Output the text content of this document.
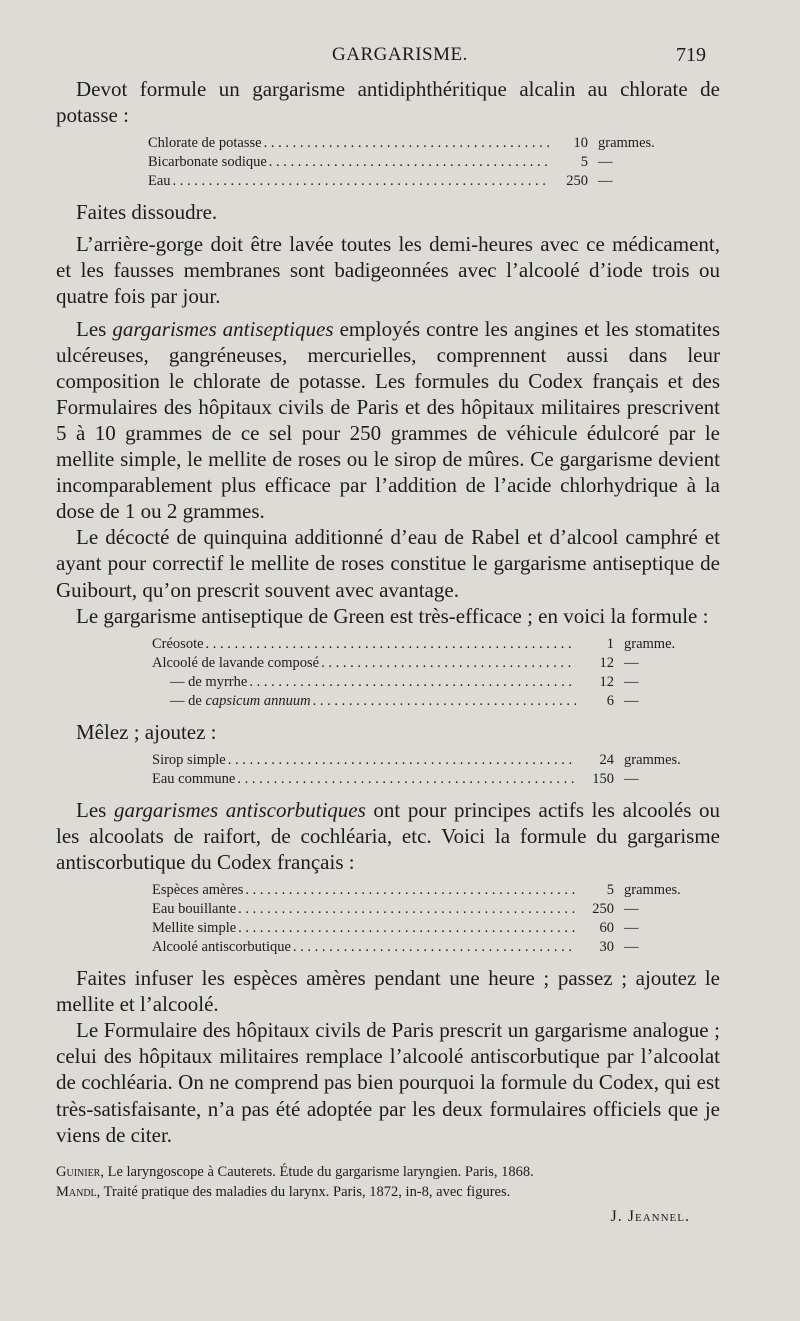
GARGARISME.	719

Devot formule un gargarisme antidiphthéritique alcalin au chlorate de potasse :

Chlorate de potasse . . .	10 grammes.
Bicarbonate sodique . . .	5 —
Eau . . .	250 —

Faites dissoudre.

L’arrière-gorge doit être lavée toutes les demi-heures avec ce médicament, et les fausses membranes sont badigeonnées avec l’alcoolé d’iode trois ou quatre fois par jour.

Les gargarismes antiseptiques employés contre les angines et les stomatites ulcéreuses, gangréneuses, mercurielles, comprennent aussi dans leur composition le chlorate de potasse. Les formules du Codex français et des Formulaires des hôpitaux civils de Paris et des hôpitaux militaires prescrivent 5 à 10 grammes de ce sel pour 250 grammes de véhicule édulcoré par le mellite simple, le mellite de roses ou le sirop de mûres. Ce gargarisme devient incomparablement plus efficace par l’addition de l’acide chlorhydrique à la dose de 1 ou 2 grammes.

Le décocté de quinquina additionné d’eau de Rabel et d’alcool camphré et ayant pour correctif le mellite de roses constitue le gargarisme antiseptique de Guibourt, qu’on prescrit souvent avec avantage.

Le gargarisme antiseptique de Green est très-efficace ; en voici la formule :

Créosote . . .	1 gramme.
Alcoolé de lavande composé . . .	12 —
— de myrrhe . . .	12 —
— de capsicum annuum . . .	6 —

Mêlez ; ajoutez :

Sirop simple . . .	24 grammes.
Eau commune . . .	150 —

Les gargarismes antiscorbutiques ont pour principes actifs les alcoolés ou les alcoolats de raifort, de cochléaria, etc. Voici la formule du gargarisme antiscorbutique du Codex français :

Espèces amères . . .	5 grammes.
Eau bouillante . . .	250 —
Mellite simple . . .	60 —
Alcoolé antiscorbutique . . .	30 —

Faites infuser les espèces amères pendant une heure ; passez ; ajoutez le mellite et l’alcoolé.

Le Formulaire des hôpitaux civils de Paris prescrit un gargarisme analogue ; celui des hôpitaux militaires remplace l’alcoolé antiscorbutique par l’alcoolat de cochléaria. On ne comprend pas bien pourquoi la formule du Codex, qui est très-satisfaisante, n’a pas été adoptée par les deux formulaires officiels que je viens de citer.

Guinier, Le laryngoscope à Cauterets. Étude du gargarisme laryngien. Paris, 1868.
Mandl, Traité pratique des maladies du larynx. Paris, 1872, in-8, avec figures.
J. Jeannel.
